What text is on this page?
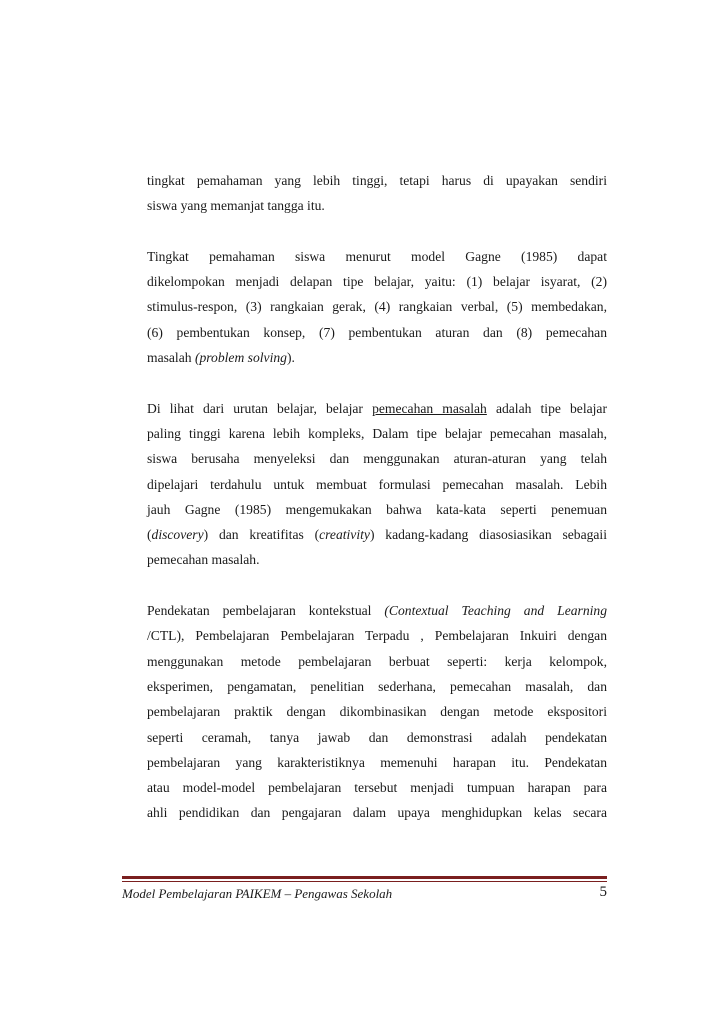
tingkat pemahaman yang lebih tinggi, tetapi harus di upayakan sendiri
siswa yang memanjat tangga itu.
Tingkat pemahaman siswa menurut model Gagne (1985) dapat
dikelompokan menjadi delapan tipe belajar, yaitu: (1) belajar isyarat, (2)
stimulus-respon, (3) rangkaian gerak, (4) rangkaian verbal, (5) membedakan,
(6) pembentukan konsep, (7) pembentukan aturan dan (8) pemecahan
masalah (problem solving).
Di lihat dari urutan belajar, belajar pemecahan masalah adalah tipe belajar
paling tinggi karena lebih kompleks, Dalam tipe belajar pemecahan masalah,
siswa berusaha menyeleksi dan menggunakan aturan-aturan yang telah
dipelajari terdahulu untuk membuat formulasi pemecahan masalah. Lebih
jauh Gagne (1985) mengemukakan bahwa kata-kata seperti penemuan
(discovery) dan kreatifitas (creativity) kadang-kadang diasosiasikan sebagaii
pemecahan masalah.
Pendekatan pembelajaran kontekstual (Contextual Teaching and Learning
/CTL), Pembelajaran Pembelajaran Terpadu , Pembelajaran Inkuiri dengan
menggunakan metode pembelajaran berbuat seperti: kerja kelompok,
eksperimen, pengamatan, penelitian sederhana, pemecahan masalah, dan
pembelajaran praktik dengan dikombinasikan dengan metode ekspositori
seperti ceramah, tanya jawab dan demonstrasi adalah pendekatan
pembelajaran yang karakteristiknya memenuhi harapan itu. Pendekatan
atau model-model pembelajaran tersebut menjadi tumpuan harapan para
ahli pendidikan dan pengajaran dalam upaya menghidupkan kelas secara
Model Pembelajaran PAIKEM – Pengawas Sekolah	5
